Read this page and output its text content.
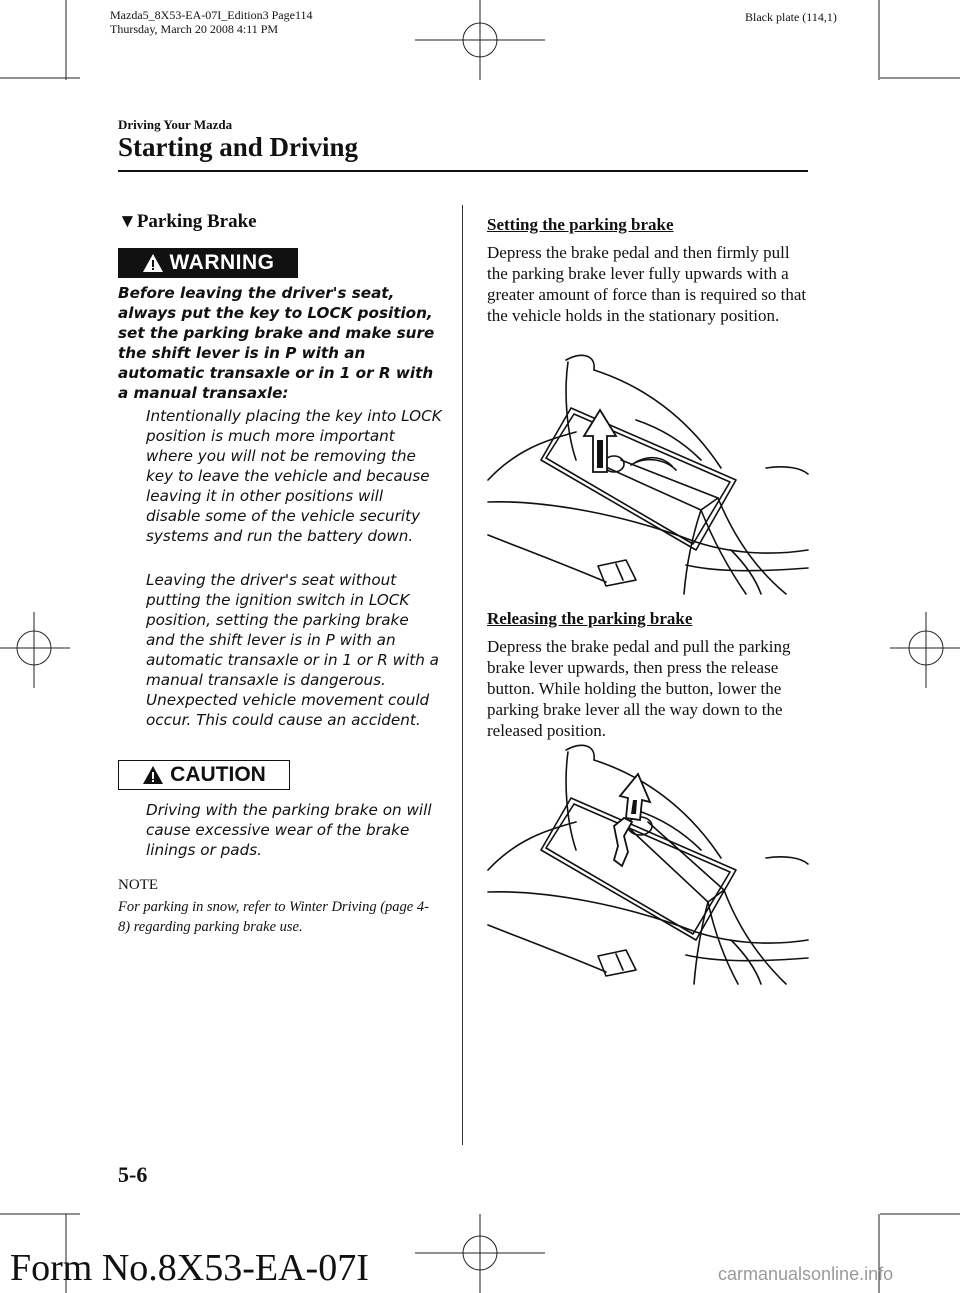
Mazda5_8X53-EA-07I_Edition3 Page114
Thursday, March 20 2008 4:11 PM
Black plate (114,1)
Driving Your Mazda
Starting and Driving
▼Parking Brake
WARNING
Before leaving the driver's seat, always put the key to LOCK position, set the parking brake and make sure the shift lever is in P with an automatic transaxle or in 1 or R with a manual transaxle:
Intentionally placing the key into LOCK position is much more important where you will not be removing the key to leave the vehicle and because leaving it in other positions will disable some of the vehicle security systems and run the battery down.
Leaving the driver's seat without putting the ignition switch in LOCK position, setting the parking brake and the shift lever is in P with an automatic transaxle or in 1 or R with a manual transaxle is dangerous. Unexpected vehicle movement could occur. This could cause an accident.
CAUTION
Driving with the parking brake on will cause excessive wear of the brake linings or pads.
NOTE
For parking in snow, refer to Winter Driving (page 4-8) regarding parking brake use.
Setting the parking brake
Depress the brake pedal and then firmly pull the parking brake lever fully upwards with a greater amount of force than is required so that the vehicle holds in the stationary position.
Releasing the parking brake
Depress the brake pedal and pull the parking brake lever upwards, then press the release button. While holding the button, lower the parking brake lever all the way down to the released position.
5-6
Form No.8X53-EA-07I	carmanualsonline.info
